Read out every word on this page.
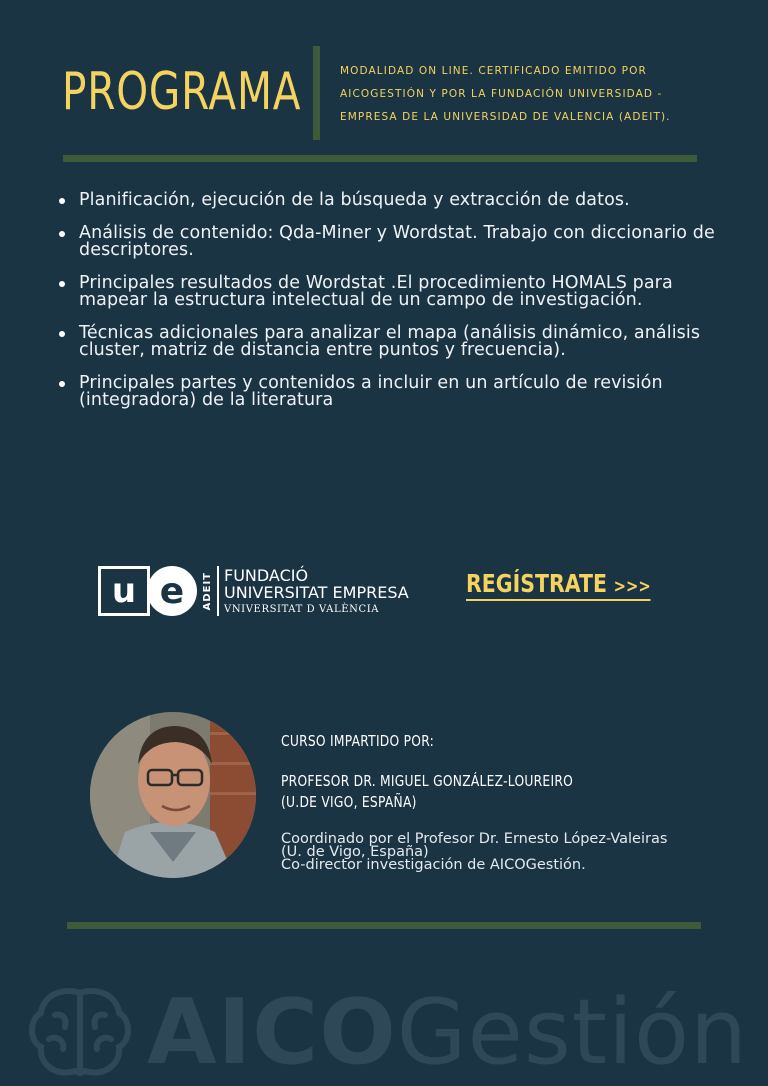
PROGRAMA	MODALIDAD ON LINE. CERTIFICADO EMITIDO POR AICOGESTIÓN Y POR LA FUNDACIÓN UNIVERSIDAD - EMPRESA DE LA UNIVERSIDAD DE VALENCIA (ADEIT).
Planificación, ejecución de la búsqueda y extracción de datos.
Análisis de contenido: Qda-Miner y Wordstat. Trabajo con diccionario de descriptores.
Principales resultados de Wordstat .El procedimiento HOMALS para mapear la estructura intelectual de un campo de investigación.
Técnicas adicionales para analizar el mapa (análisis dinámico, análisis cluster, matriz de distancia entre puntos y frecuencia).
Principales partes y contenidos a incluir en un artículo de revisión (integradora) de la literatura
u e ADEIT FUNDACIÓ
UNIVERSITAT EMPRESA
VNIVERSITAT D VALÈNCIA
REGÍSTRATE >>>
CURSO IMPARTIDO POR:
PROFESOR DR. MIGUEL GONZÁLEZ-LOUREIRO
(U.DE VIGO, ESPAÑA)
Coordinado por el Profesor Dr. Ernesto López-Valeiras
(U. de Vigo, España)
Co-director investigación de AICOGestión.
AICOGestión
